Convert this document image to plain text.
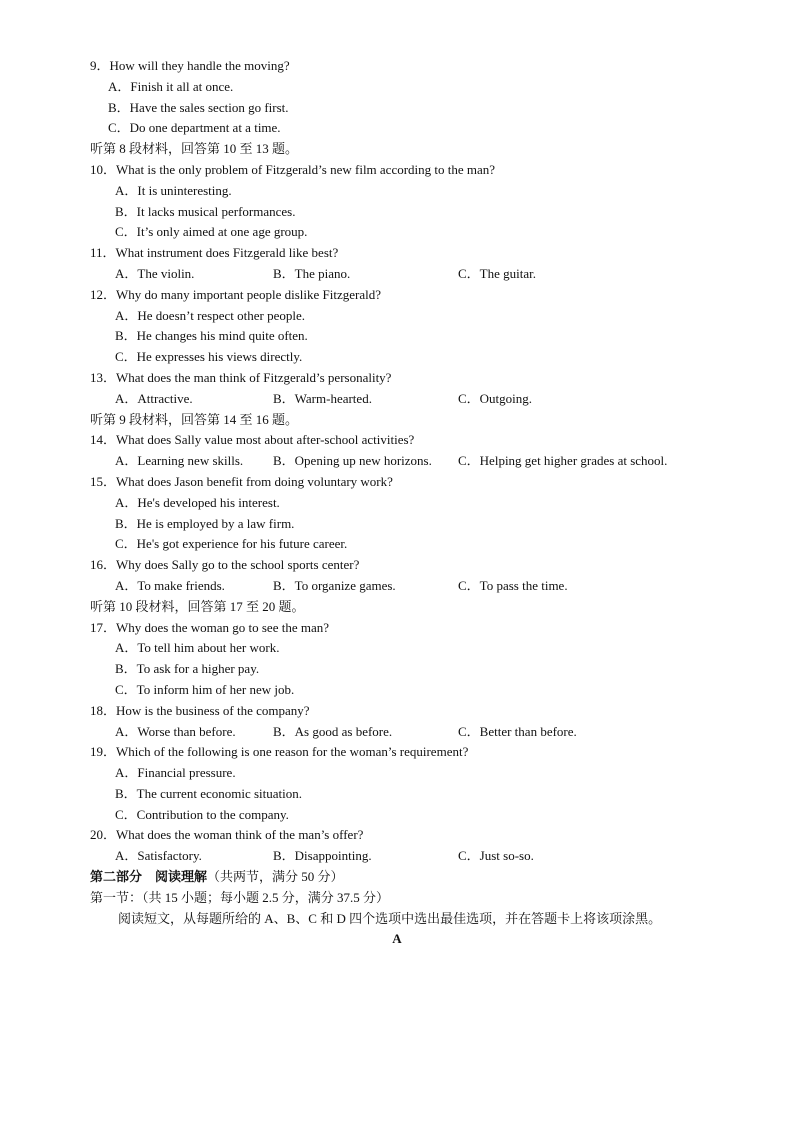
9．How will they handle the moving?
A．Finish it all at once.
B．Have the sales section go first.
C．Do one department at a time.
听第 8 段材料，回答第 10 至 13 题。
10．What is the only problem of Fitzgerald’s new film according to the man?
A．It is uninteresting.
B．It lacks musical performances.
C．It’s only aimed at one age group.
11．What instrument does Fitzgerald like best?
A．The violin.	B．The piano.	C．The guitar.
12．Why do many important people dislike Fitzgerald?
A．He doesn’t respect other people.
B．He changes his mind quite often.
C．He expresses his views directly.
13．What does the man think of Fitzgerald’s personality?
A．Attractive.	B．Warm-hearted.	C．Outgoing.
听第 9 段材料，回答第 14 至 16 题。
14．What does Sally value most about after-school activities?
A．Learning new skills. B．Opening up new horizons. C．Helping get higher grades at school.
15．What does Jason benefit from doing voluntary work?
A．He's developed his interest.
B．He is employed by a law firm.
C．He's got experience for his future career.
16．Why does Sally go to the school sports center?
A．To make friends.	B．To organize games.	C．To pass the time.
听第 10 段材料，回答第 17 至 20 题。
17．Why does the woman go to see the man?
A．To tell him about her work.
B．To ask for a higher pay.
C．To inform him of her new job.
18．How is the business of the company?
A．Worse than before.	B．As good as before.	C．Better than before.
19．Which of the following is one reason for the woman’s requirement?
A．Financial pressure.
B．The current economic situation.
C．Contribution to the company.
20．What does the woman think of the man’s offer?
A．Satisfactory.	B．Disappointing.	C．Just so-so.
第二部分　阅读理解（共两节，满分 50 分）
第一节：（共 15 小题；每小题 2.5 分，满分 37.5 分）
阅读短文，从每题所给的 A、B、C 和 D 四个选项中选出最佳选项，并在答题卡上将该项涂黑。
A
